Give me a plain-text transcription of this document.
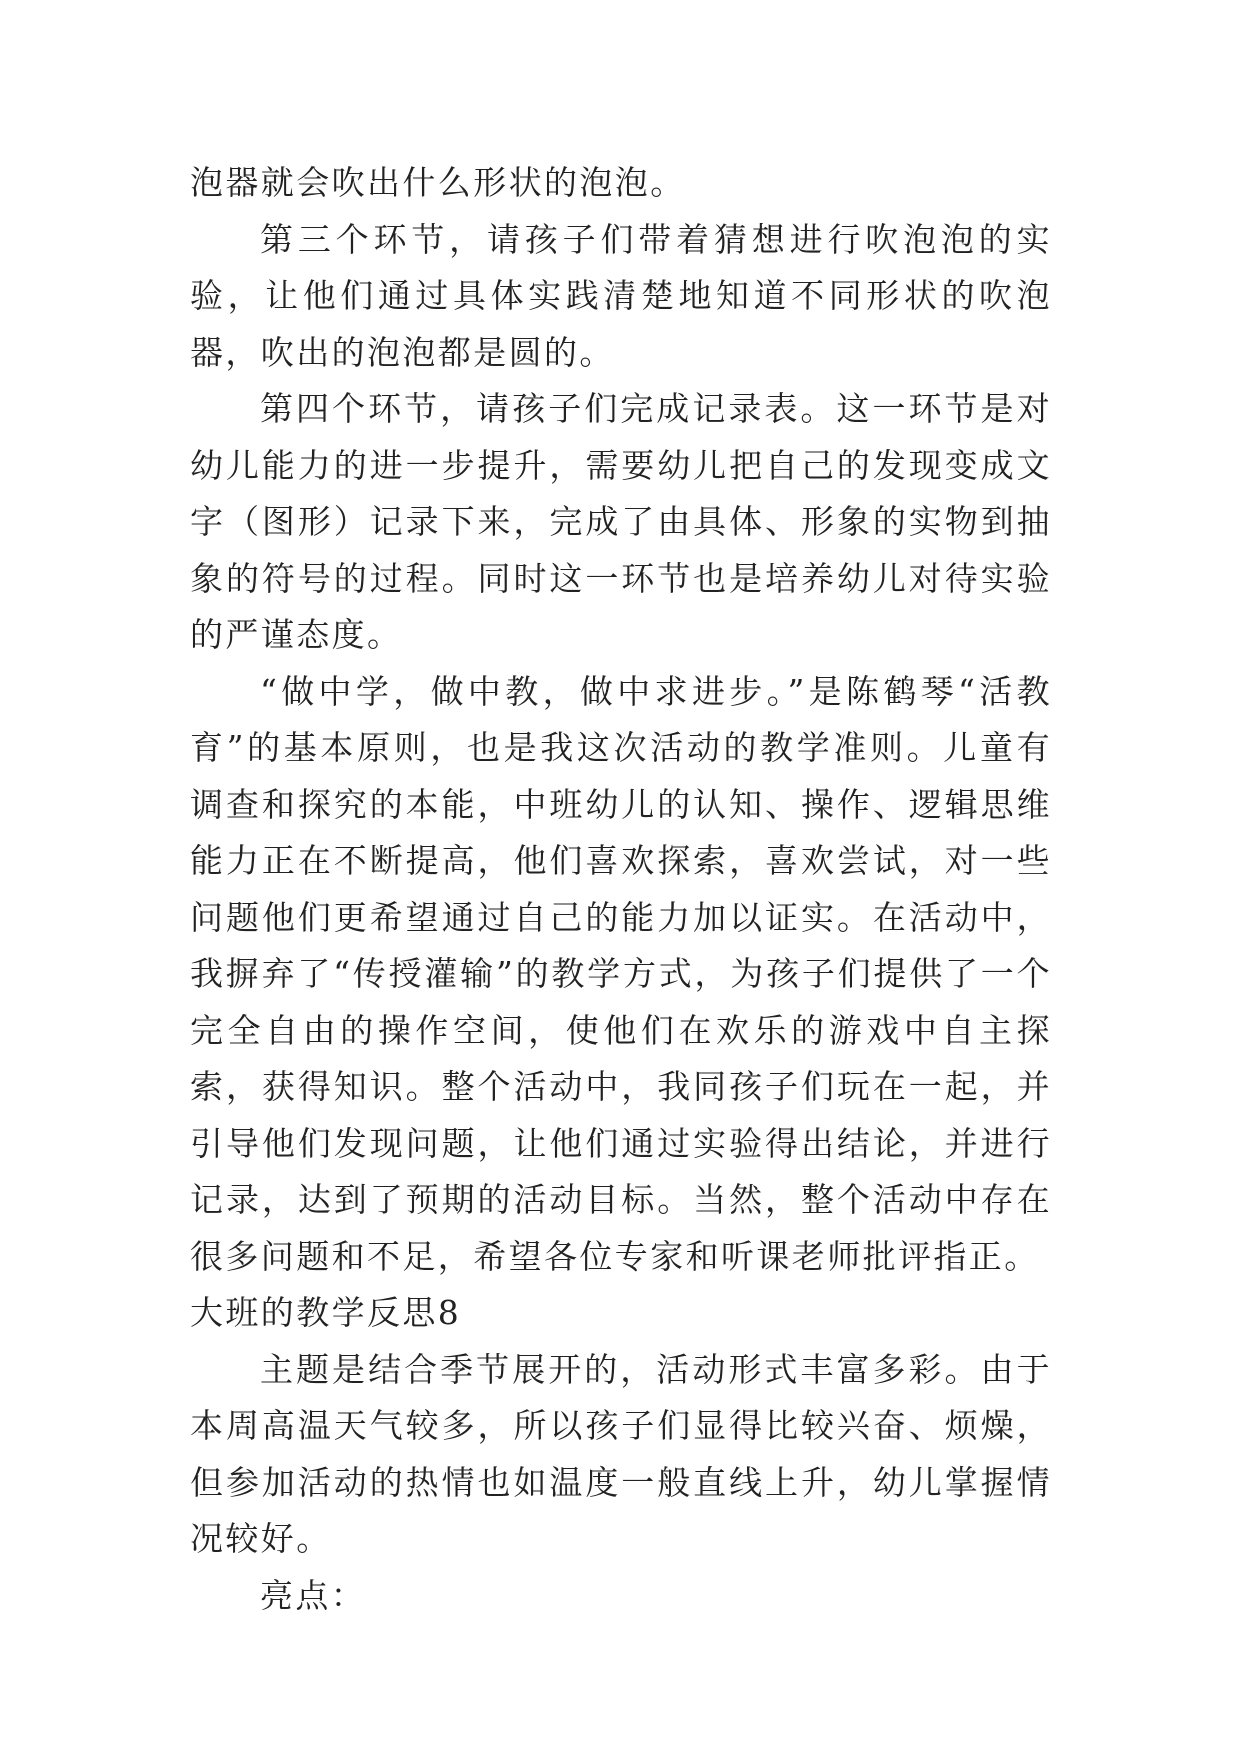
泡器就会吹出什么形状的泡泡。

第三个环节，请孩子们带着猜想进行吹泡泡的实验，让他们通过具体实践清楚地知道不同形状的吹泡器，吹出的泡泡都是圆的。

第四个环节，请孩子们完成记录表。这一环节是对幼儿能力的进一步提升，需要幼儿把自己的发现变成文字（图形）记录下来，完成了由具体、形象的实物到抽象的符号的过程。同时这一环节也是培养幼儿对待实验的严谨态度。

“做中学，做中教，做中求进步。”是陈鹤琴“活教育”的基本原则，也是我这次活动的教学准则。儿童有调查和探究的本能，中班幼儿的认知、操作、逻辑思维能力正在不断提高，他们喜欢探索，喜欢尝试，对一些问题他们更希望通过自己的能力加以证实。在活动中，我摒弃了“传授灌输”的教学方式，为孩子们提供了一个完全自由的操作空间，使他们在欢乐的游戏中自主探索，获得知识。整个活动中，我同孩子们玩在一起，并引导他们发现问题，让他们通过实验得出结论，并进行记录，达到了预期的活动目标。当然，整个活动中存在很多问题和不足，希望各位专家和听课老师批评指正。

大班的教学反思8

主题是结合季节展开的，活动形式丰富多彩。由于本周高温天气较多，所以孩子们显得比较兴奋、烦燥，但参加活动的热情也如温度一般直线上升，幼儿掌握情况较好。

亮点：
